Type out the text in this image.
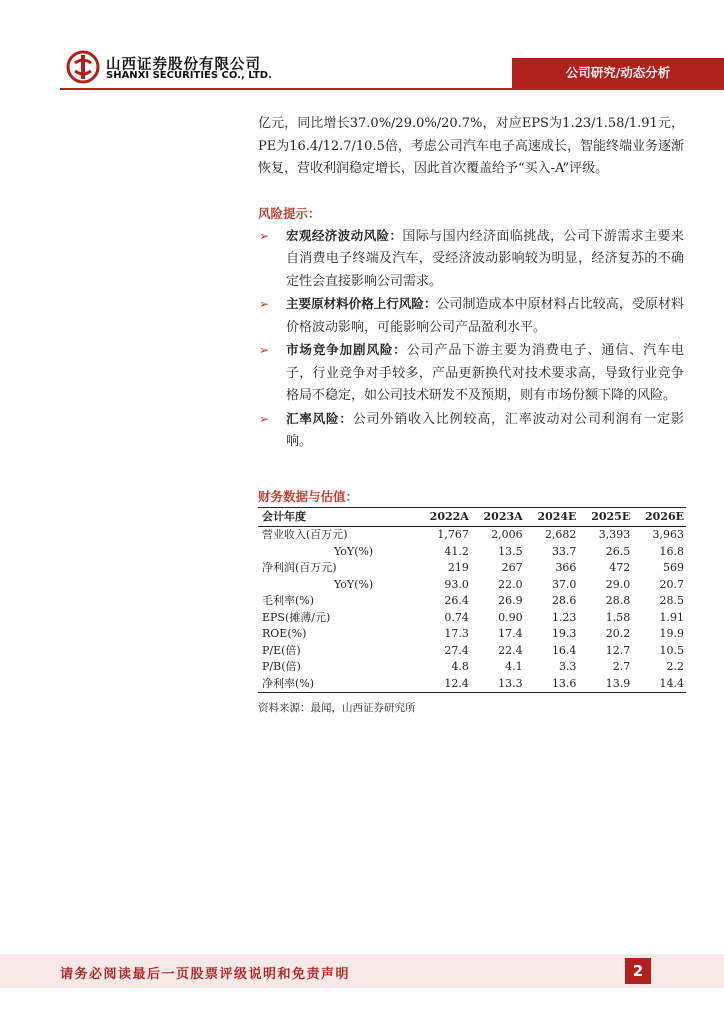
山西证券股份有限公司
SHANXI SECURITIES CO., LTD.	公司研究/动态分析

亿元，同比增长37.0%/29.0%/20.7%，对应EPS为1.23/1.58/1.91元，PE为16.4/12.7/10.5倍，考虑公司汽车电子高速成长，智能终端业务逐渐恢复，营收利润稳定增长，因此首次覆盖给予“买入-A”评级。

风险提示：

➢ 宏观经济波动风险：国际与国内经济面临挑战，公司下游需求主要来自消费电子终端及汽车，受经济波动影响较为明显，经济复苏的不确定性会直接影响公司需求。

➢ 主要原材料价格上行风险：公司制造成本中原材料占比较高，受原材料价格波动影响，可能影响公司产品盈利水平。

➢ 市场竞争加剧风险：公司产品下游主要为消费电子、通信、汽车电子，行业竞争对手较多，产品更新换代对技术要求高，导致行业竞争格局不稳定，如公司技术研发不及预期，则有市场份额下降的风险。

➢ 汇率风险：公司外销收入比例较高，汇率波动对公司利润有一定影响。

财务数据与估值：
会计年度	2022A	2023A	2024E	2025E	2026E
营业收入(百万元)	1,767	2,006	2,682	3,393	3,963
YoY(%)	41.2	13.5	33.7	26.5	16.8
净利润(百万元)	219	267	366	472	569
YoY(%)	93.0	22.0	37.0	29.0	20.7
毛利率(%)	26.4	26.9	28.6	28.8	28.5
EPS(摊薄/元)	0.74	0.90	1.23	1.58	1.91
ROE(%)	17.3	17.4	19.3	20.2	19.9
P/E(倍)	27.4	22.4	16.4	12.7	10.5
P/B(倍)	4.8	4.1	3.3	2.7	2.2
净利率(%)	12.4	13.3	13.6	13.9	14.4
资料来源：最闻，山西证券研究所
请务必阅读最后一页股票评级说明和免责声明	2
